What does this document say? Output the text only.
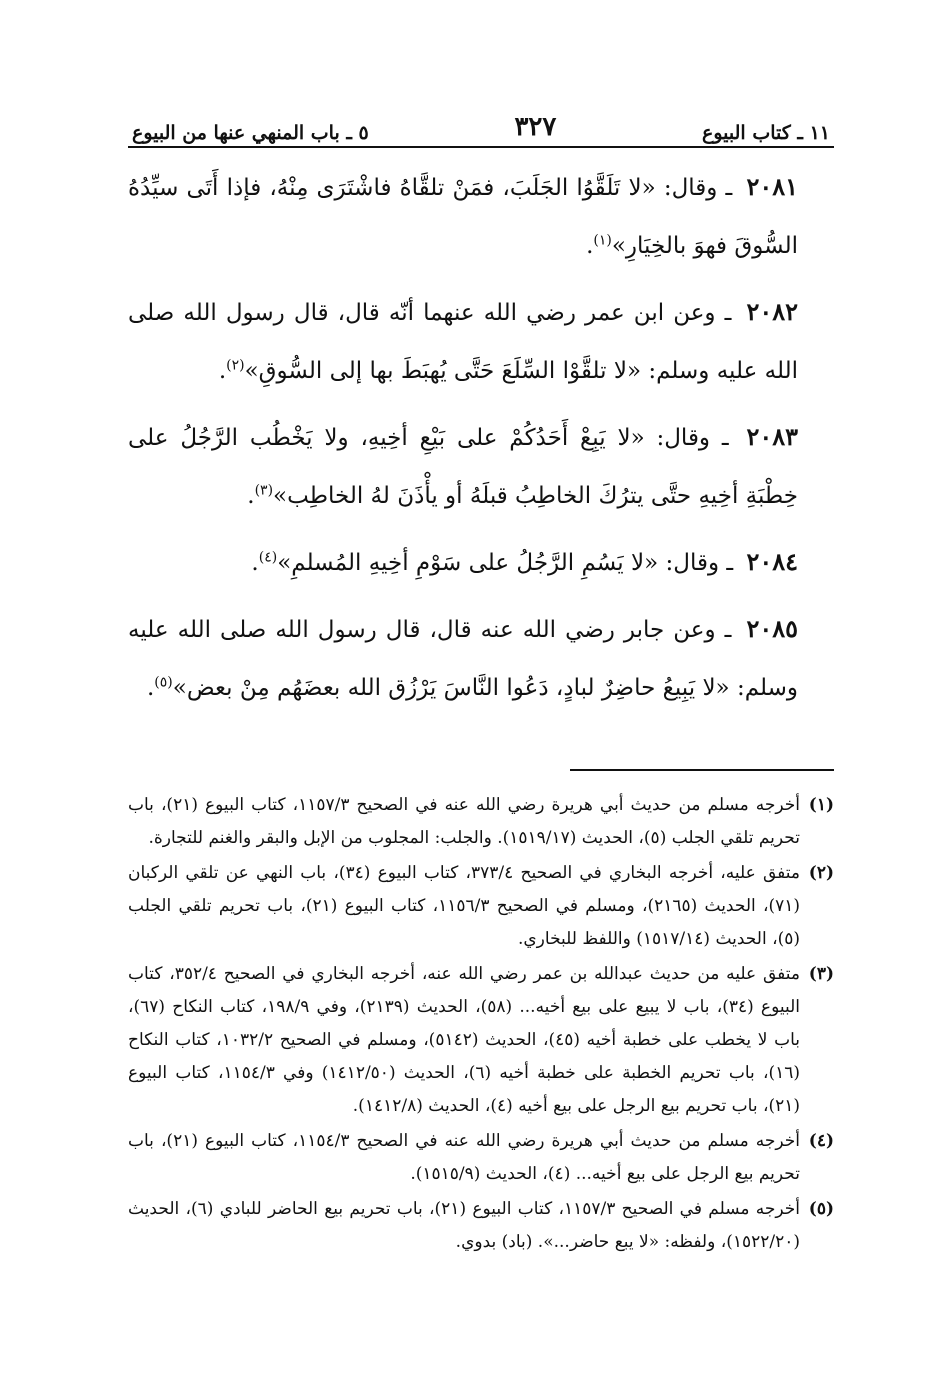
١١ ـ كتاب البيوع
٣٢٧
٥ ـ باب المنهي عنها من البيوع

٢٠٨١ ـ وقال: «لا تَلَقَّوُا الجَلَبَ، فمَنْ تلقَّاهُ فاشْتَرَى مِنْهُ، فإذا أَتَى سيِّدُهُ السُّوقَ فهوَ بالخِيَارِ»$^{(١)}$.

٢٠٨٢ ـ وعن ابن عمر رضي الله عنهما أنّه قال، قال رسول الله صلى الله عليه وسلم: «لا تلقَّوْا السِّلَعَ حَتَّى يُهبَطَ بها إلى السُّوقِ»$^{(٢)}$.

٢٠٨٣ ـ وقال: «لا يَبِعْ أَحَدُكُمْ على بَيْعِ أخِيهِ، ولا يَخْطُب الرَّجُلُ على خِطْبَةِ أخِيهِ حتَّى يترُكَ الخاطِبُ قبلَهُ أو يأْذَنَ لهُ الخاطِب»$^{(٣)}$.

٢٠٨٤ ـ وقال: «لا يَسُمِ الرَّجُلُ على سَوْمِ أخِيهِ المُسلمِ»$^{(٤)}$.

٢٠٨٥ ـ وعن جابر رضي الله عنه قال، قال رسول الله صلى الله عليه وسلم: «لا يَبِيعُ حاضِرٌ لبادٍ، دَعُوا النَّاسَ يَرْزُق الله بعضَهُم مِنْ بعض»$^{(٥)}$.

(١)
أخرجه مسلم من حديث أبي هريرة رضي الله عنه في الصحيح ١١٥٧/٣، كتاب البيوع (٢١)، باب تحريم تلقي الجلب (٥)، الحديث (١٥١٩/١٧). والجلب: المجلوب من الإبل والبقر والغنم للتجارة.
(٢)
متفق عليه، أخرجه البخاري في الصحيح ٣٧٣/٤، كتاب البيوع (٣٤)، باب النهي عن تلقي الركبان (٧١)، الحديث (٢١٦٥)، ومسلم في الصحيح ١١٥٦/٣، كتاب البيوع (٢١)، باب تحريم تلقي الجلب (٥)، الحديث (١٥١٧/١٤) واللفظ للبخاري.
(٣)
متفق عليه من حديث عبدالله بن عمر رضي الله عنه، أخرجه البخاري في الصحيح ٣٥٢/٤، كتاب البيوع (٣٤)، باب لا يبيع على بيع أخيه... (٥٨)، الحديث (٢١٣٩)، وفي ١٩٨/٩، كتاب النكاح (٦٧)، باب لا يخطب على خطبة أخيه (٤٥)، الحديث (٥١٤٢)، ومسلم في الصحيح ١٠٣٢/٢، كتاب النكاح (١٦)، باب تحريم الخطبة على خطبة أخيه (٦)، الحديث (١٤١٢/٥٠) وفي ١١٥٤/٣، كتاب البيوع (٢١)، باب تحريم بيع الرجل على بيع أخيه (٤)، الحديث (١٤١٢/٨).
(٤)
أخرجه مسلم من حديث أبي هريرة رضي الله عنه في الصحيح ١١٥٤/٣، كتاب البيوع (٢١)، باب تحريم بيع الرجل على بيع أخيه... (٤)، الحديث (١٥١٥/٩).
(٥)
أخرجه مسلم في الصحيح ١١٥٧/٣، كتاب البيوع (٢١)، باب تحريم بيع الحاضر للبادي (٦)، الحديث (١٥٢٢/٢٠)، ولفظه: «لا يبع حاضر...». (باد) بدوي.
